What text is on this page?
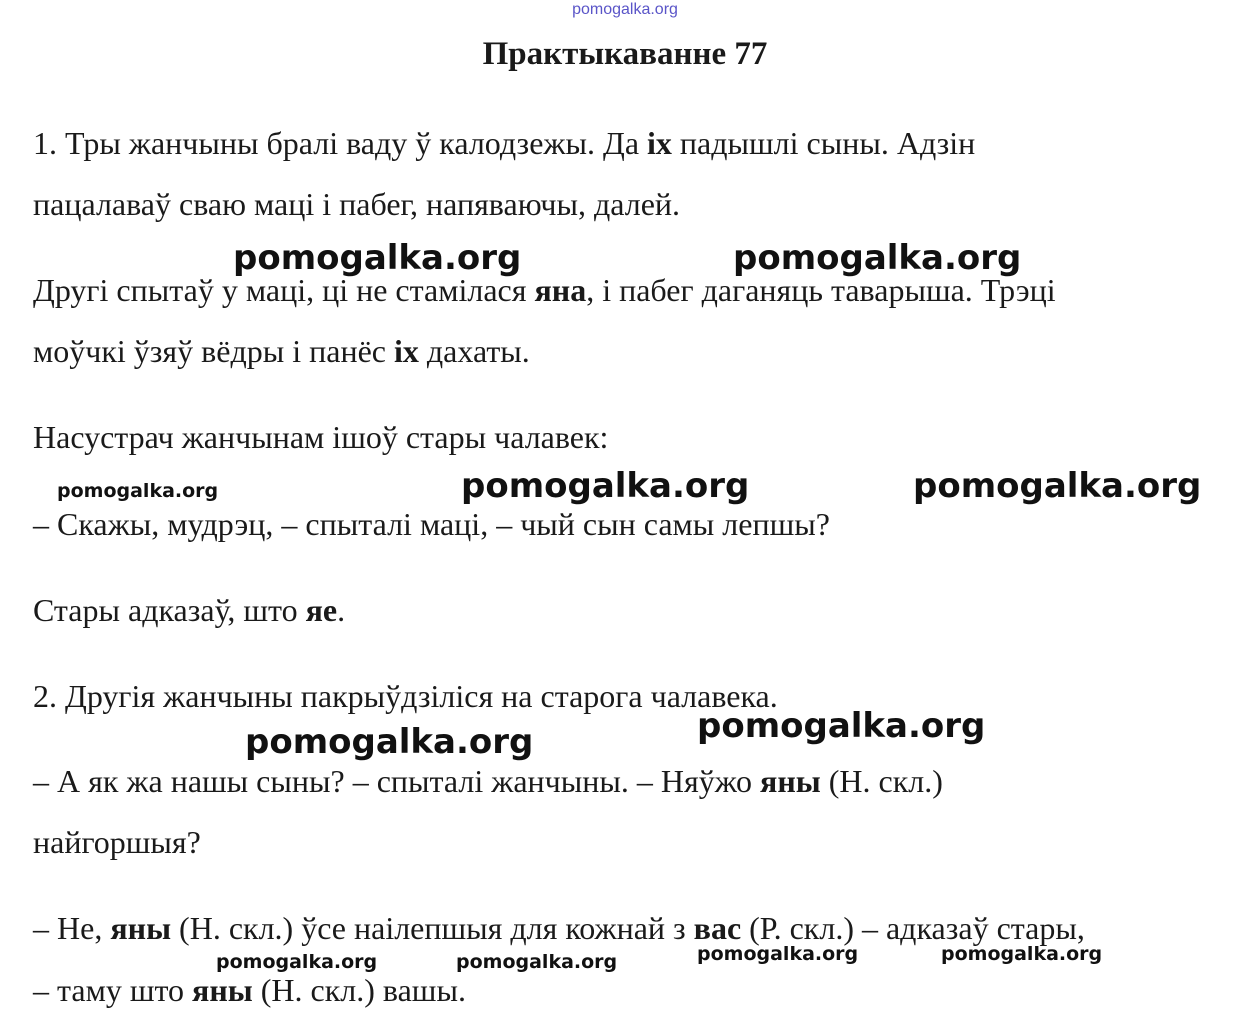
pomogalka.org
Практыкаванне 77
1. Тры жанчыны бралі ваду ў калодзежы. Да іх падышлі сыны. Адзін
пацалаваў сваю маці і пабег, напяваючы, далей.
Другі спытаў у маці, ці не стамілася яна, і пабег даганяць таварыша. Трэці
моўчкі ўзяў вёдры і панёс іх дахаты.
Насустрач жанчынам ішоў стары чалавек:
– Скажы, мудрэц, – спыталі маці, – чый сын самы лепшы?
Стары адказаў, што яе.
2. Другія жанчыны пакрыўдзіліся на старога чалавека.
– А як жа нашы сыны? – спыталі жанчыны. – Няўжо яны (Н. скл.)
найгоршыя?
– Не, яны (Н. скл.) ўсе наілепшыя для кожнай з вас (Р. скл.) – адказаў стары,
– таму што яны (Н. скл.) вашы.
pomogalka.org	pomogalka.org
pomogalka.org	pomogalka.org	pomogalka.org
pomogalka.org
pomogalka.org
pomogalka.org	pomogalka.org	pomogalka.org	pomogalka.org
